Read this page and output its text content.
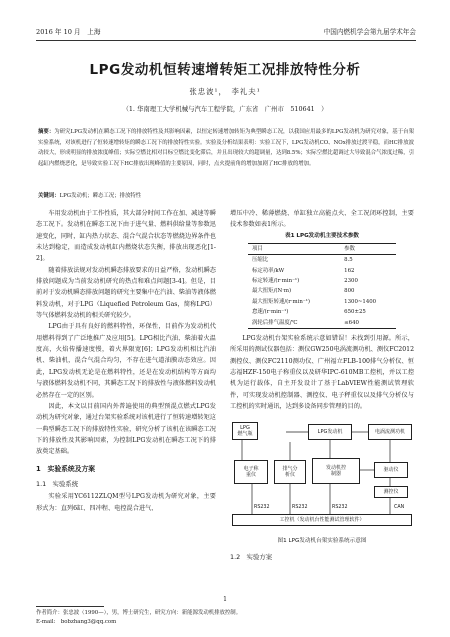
2016 年 10 月　上海	中国内燃机学会第九届学术年会
LPG发动机恒转速增转矩工况排放特性分析
张忠波¹，　李礼夫¹
（1. 华南理工大学机械与汽车工程学院，广东省　广州市　510641　）
摘要：为研究LPG发动机在瞬态工况下的排放特性及其影响因素，以恒定转速增加转矩为典型瞬态工况，以我国应用最多的LPG发动机为研究对象，基于台架实验系统，对该机进行了恒转速增转矩的瞬态工况下的排放特性实验。实验及分析结果表明：实验工况下，LPG发动机CO、NOx排放过渡平稳，而HC排放波动较大，形成明显的排放浓度峰值；实际空燃比相对目标空燃比变化滞后，并且出现较大的超调量，达到8.5%；实际空燃比超调过大导致混合气浓度过稀，引起缸内燃烧恶化，是导致实验工况下HC排放出现峰值的主要原因，同时，点火提前角的增加加剧了HC排放的增加。
关键词：LPG发动机；瞬态工况；排放特性

车用发动机由于工作性质，其大部分时间工作在加、减速等瞬态工况下。发动机在瞬态工况下由于进气量、燃料供给量等参数迅速变化，同时，缸内热力状态、混合气混合状态等燃烧边界条件也未达到稳定，而造成发动机缸内燃烧状态失衡，排放出现恶化[1-2]。

随着排放法规对发动机瞬态排放要求的日益严格，发动机瞬态排放问题成为当前发动机研究的热点和难点问题[3-4]。但是，目前对于发动机瞬态排放问题的研究主要集中在汽油、柴油等液体燃料发动机，对于LPG（Liquefied Petroleum Gas，简称LPG）等气体燃料发动机的相关研究较少。

LPG由于具有良好的燃料特性，环保性，目前作为发动机代用燃料得到了广泛地推广及应用[5]。LPG相比汽油、柴油着火温度高，火焰传播速度慢，着火界限宽[6]；LPG发动机相比汽油机、柴油机，混合气混合均匀，不存在进气道油膜动态效应。因此，LPG发动机无论是在燃料特性，还是在发动机结构等方面均与液体燃料发动机不同，其瞬态工况下的排放性与液体燃料发动机必然存在一定的区别。

因此，本文以目前国内外普遍使用的典型预混点燃式LPG发动机为研究对象，通过台架实验系统对该机进行了恒转速增转矩这一典型瞬态工况下的排放特性实验，研究分析了该机在该瞬态工况下的排放性及其影响因素，为控制LPG发动机在瞬态工况下的排放奠定基础。

1　实验系统及方案
1.1　实验系统

实验采用YC6112ZLQM型号LPG发动机为研究对象，主要形式为：直列6缸、四冲程、电控混合进气、

增压中冷、稀薄燃烧、单缸独立高能点火、全工况闭环控制，主要技术参数如表1所示。

表1 LPG发动机主要技术参数
项目	参数
压缩比	8.5
标定功率/kW	162
标定转速/(r·min⁻¹)	2300
最大扭矩/(N·m)	800
最大扭矩转速/(r·min⁻¹)	1300~1400
怠速/(r·min⁻¹)	650±25
涡轮后排气温度/℃	≤640

LPG发动机台架实验系统示意如错误！未找到引用源。所示，所采用的测试仪器包括：测仪GW250电涡流测功机、测仪FC2012测控仪、测仪FC2110测功仪、广州福立FLB-100排气分析仪、恒志福HZF-150电子称重仪以及研华IPC-610MB工控机，并以工控机为运行载体，自主开发设计了基于LabVIEW性能测试管理软件，可实现发动机控制器、测控仪、电子秤重仪以及排气分析仪与工控机的实时通讯，达到多设备同步管理的目的。

LPG
燃气瓶	LPG发动机	电涡流测功机
电子称
重仪
排气分
析仪
发动机控
制器
驱动仪
测控仪
工控机（发动机台性能测试管理软件）
RS232	RS232	RS232	CAN
图1 LPG发动机台架实验系统示意图
1.2　实验方案
1
作者简介：张忠波（1990—），男，博士研究生，研究方向：新能源发动机排放控制。
E-mail:　bobzhang3@qq.com
